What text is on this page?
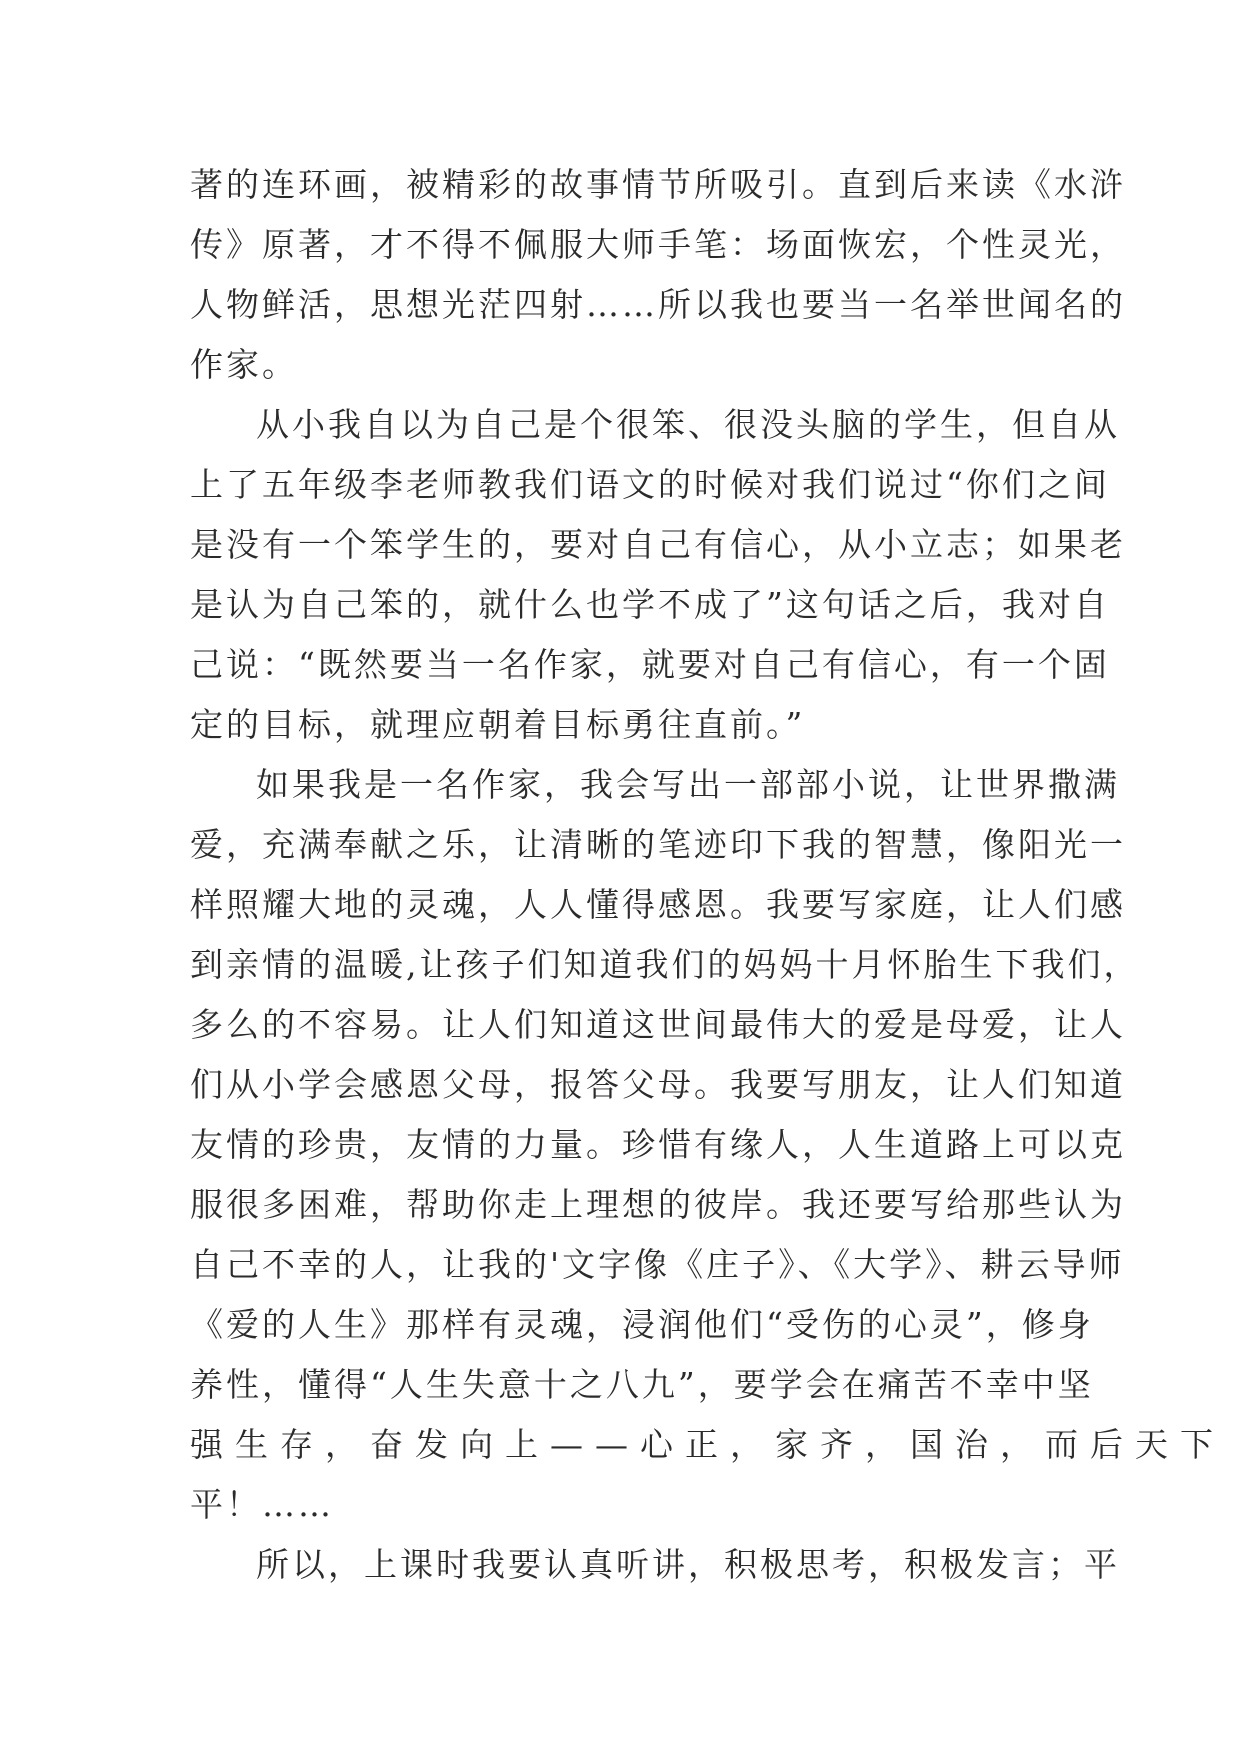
著的连环画，被精彩的故事情节所吸引。直到后来读《水浒
传》原著，才不得不佩服大师手笔：场面恢宏，个性灵光，
人物鲜活，思想光茫四射……所以我也要当一名举世闻名的
作家。
从小我自以为自己是个很笨、很没头脑的学生，但自从
上了五年级李老师教我们语文的时候对我们说过“你们之间
是没有一个笨学生的，要对自己有信心，从小立志；如果老
是认为自己笨的，就什么也学不成了”这句话之后，我对自
己说：“既然要当一名作家，就要对自己有信心，有一个固
定的目标，就理应朝着目标勇往直前。”
如果我是一名作家，我会写出一部部小说，让世界撒满
爱，充满奉献之乐，让清晰的笔迹印下我的智慧，像阳光一
样照耀大地的灵魂，人人懂得感恩。我要写家庭，让人们感
到亲情的温暖,让孩子们知道我们的妈妈十月怀胎生下我们，
多么的不容易。让人们知道这世间最伟大的爱是母爱，让人
们从小学会感恩父母，报答父母。我要写朋友，让人们知道
友情的珍贵，友情的力量。珍惜有缘人，人生道路上可以克
服很多困难，帮助你走上理想的彼岸。我还要写给那些认为
自己不幸的人，让我的'文字像《庄子》、《大学》、耕云导师
《爱的人生》那样有灵魂，浸润他们“受伤的心灵”，修身
养性，懂得“人生失意十之八九”，要学会在痛苦不幸中坚
强生存，奋发向上——心正，家齐，国治，而后天下
平！……
所以，上课时我要认真听讲，积极思考，积极发言；平
